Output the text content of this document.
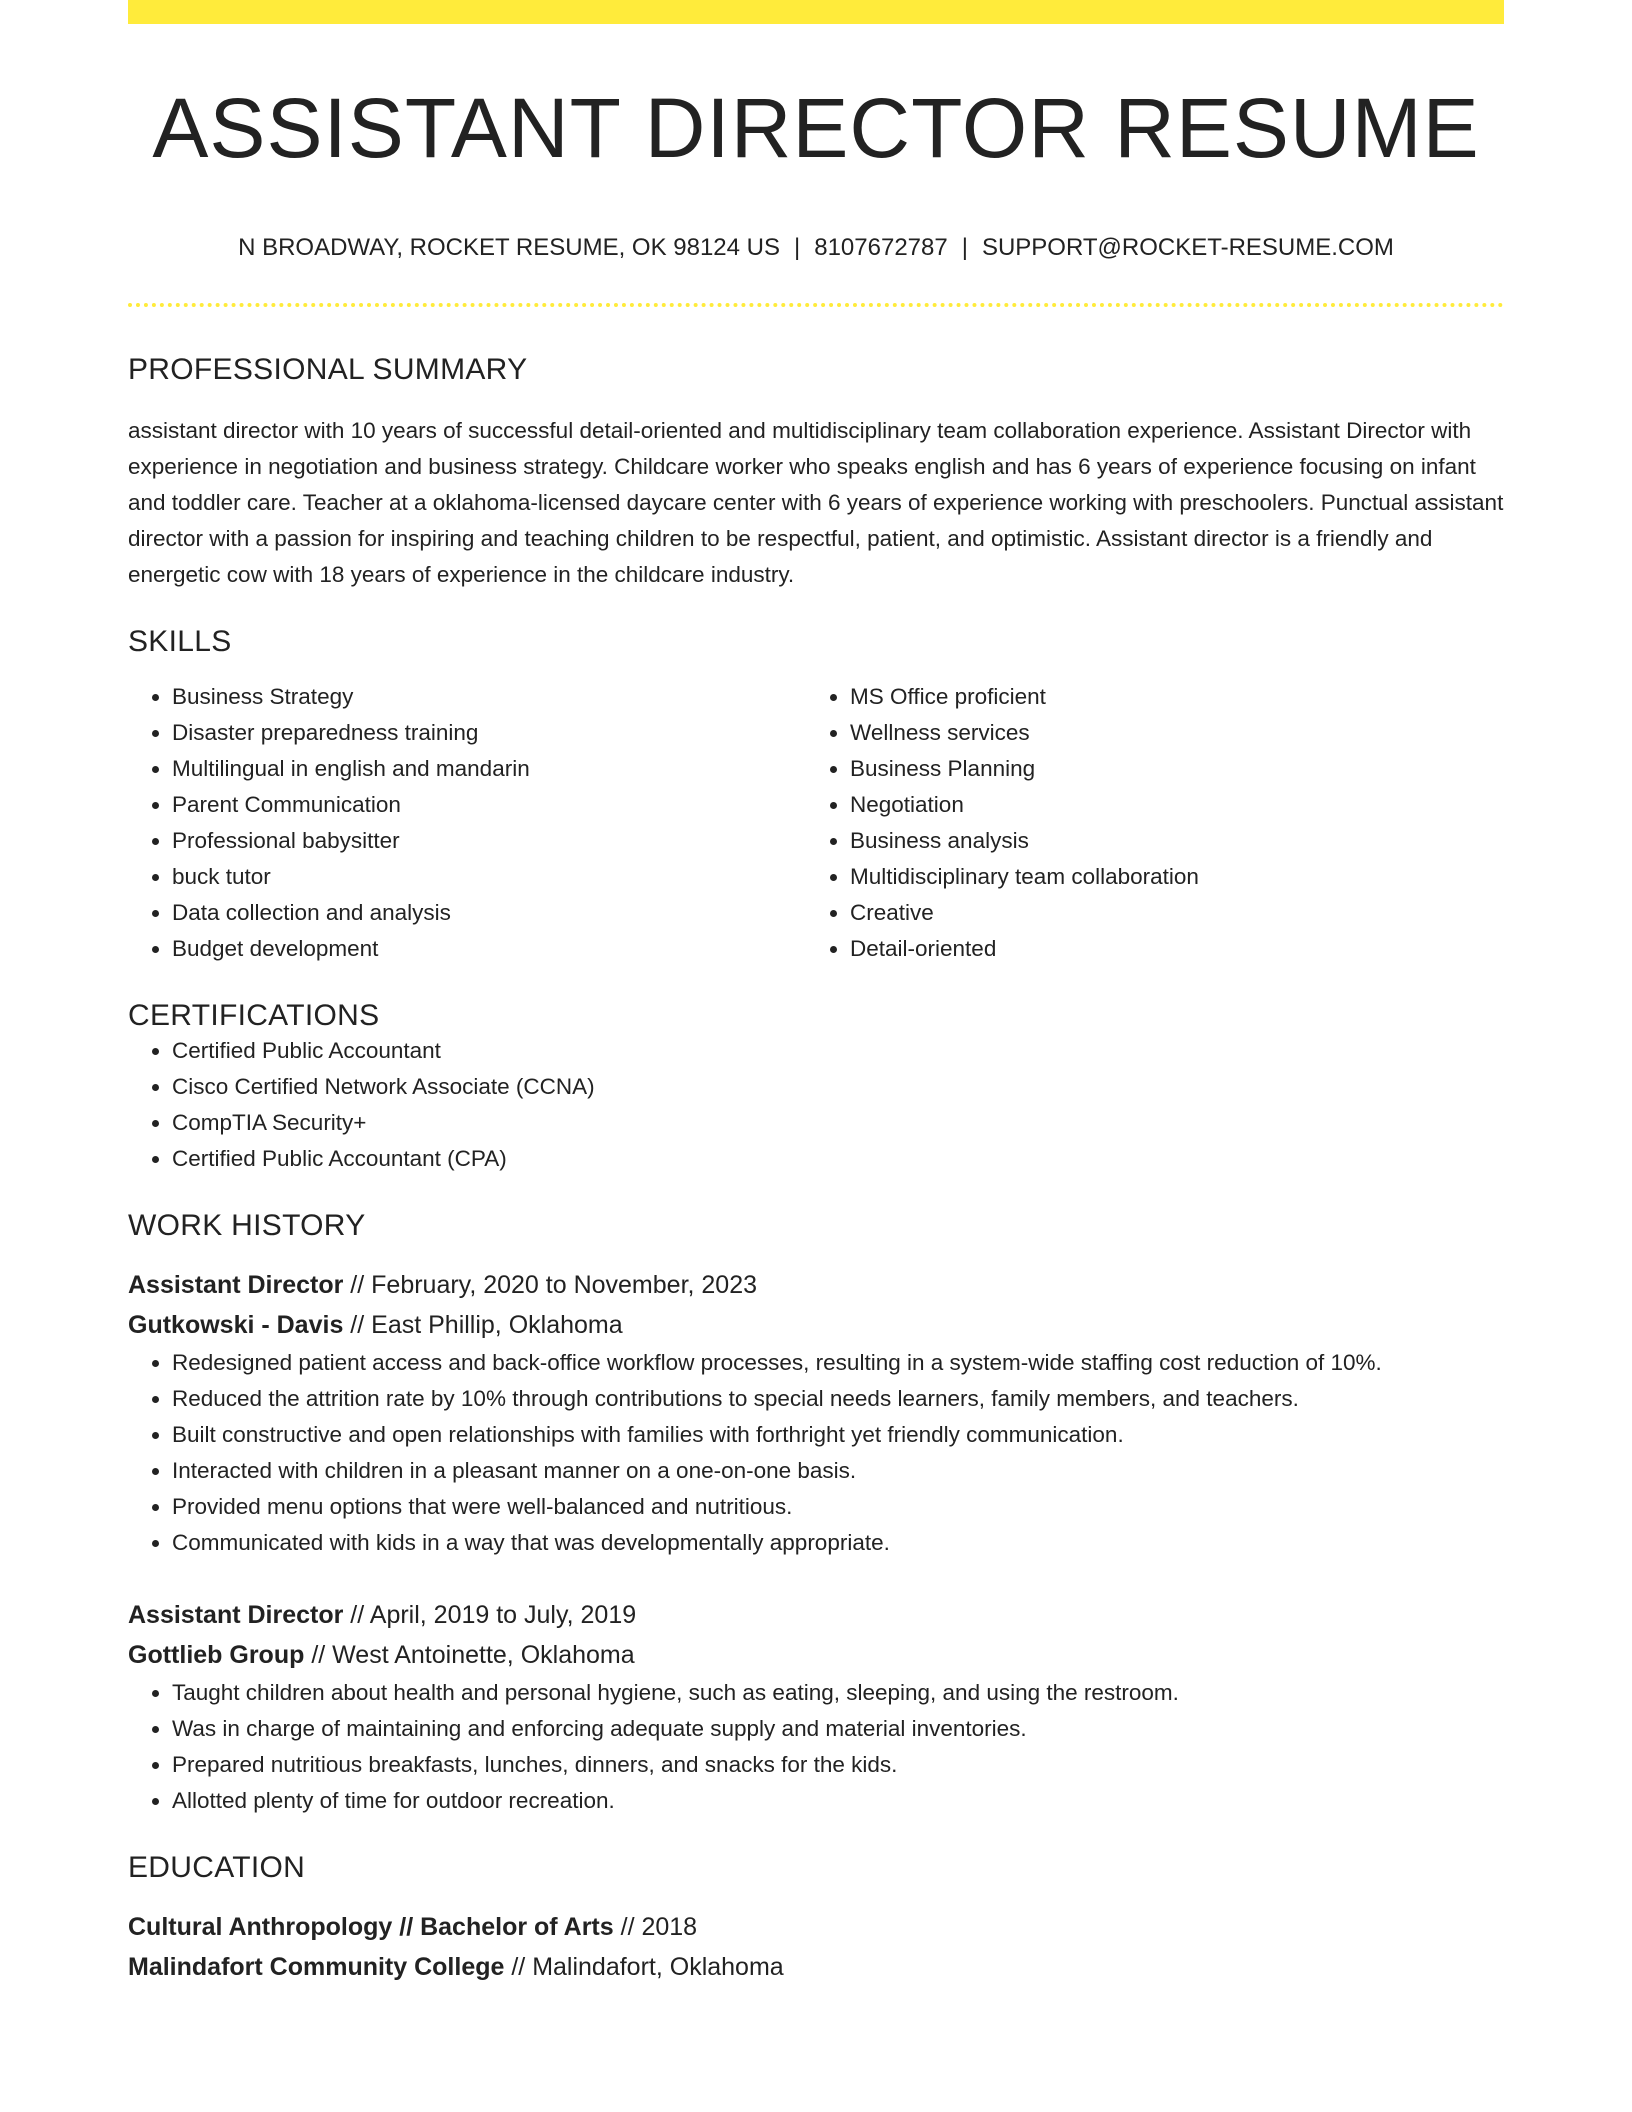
ASSISTANT DIRECTOR RESUME
N BROADWAY, ROCKET RESUME, OK 98124 US | 8107672787 | SUPPORT@ROCKET-RESUME.COM
PROFESSIONAL SUMMARY

assistant director with 10 years of successful detail-oriented and multidisciplinary team collaboration experience. Assistant Director with experience in negotiation and business strategy. Childcare worker who speaks english and has 6 years of experience focusing on infant and toddler care. Teacher at a oklahoma-licensed daycare center with 6 years of experience working with preschoolers. Punctual assistant director with a passion for inspiring and teaching children to be respectful, patient, and optimistic. Assistant director is a friendly and energetic cow with 18 years of experience in the childcare industry.

SKILLS
• Business Strategy
• Disaster preparedness training
• Multilingual in english and mandarin
• Parent Communication
• Professional babysitter
• buck tutor
• Data collection and analysis
• Budget development
• MS Office proficient
• Wellness services
• Business Planning
• Negotiation
• Business analysis
• Multidisciplinary team collaboration
• Creative
• Detail-oriented
CERTIFICATIONS
• Certified Public Accountant
• Cisco Certified Network Associate (CCNA)
• CompTIA Security+
• Certified Public Accountant (CPA)
WORK HISTORY
Assistant Director // February, 2020 to November, 2023
Gutkowski - Davis // East Phillip, Oklahoma
• Redesigned patient access and back-office workflow processes, resulting in a system-wide staffing cost reduction of 10%.
• Reduced the attrition rate by 10% through contributions to special needs learners, family members, and teachers.
• Built constructive and open relationships with families with forthright yet friendly communication.
• Interacted with children in a pleasant manner on a one-on-one basis.
• Provided menu options that were well-balanced and nutritious.
• Communicated with kids in a way that was developmentally appropriate.
Assistant Director // April, 2019 to July, 2019
Gottlieb Group // West Antoinette, Oklahoma
• Taught children about health and personal hygiene, such as eating, sleeping, and using the restroom.
• Was in charge of maintaining and enforcing adequate supply and material inventories.
• Prepared nutritious breakfasts, lunches, dinners, and snacks for the kids.
• Allotted plenty of time for outdoor recreation.
EDUCATION
Cultural Anthropology // Bachelor of Arts // 2018
Malindafort Community College // Malindafort, Oklahoma
